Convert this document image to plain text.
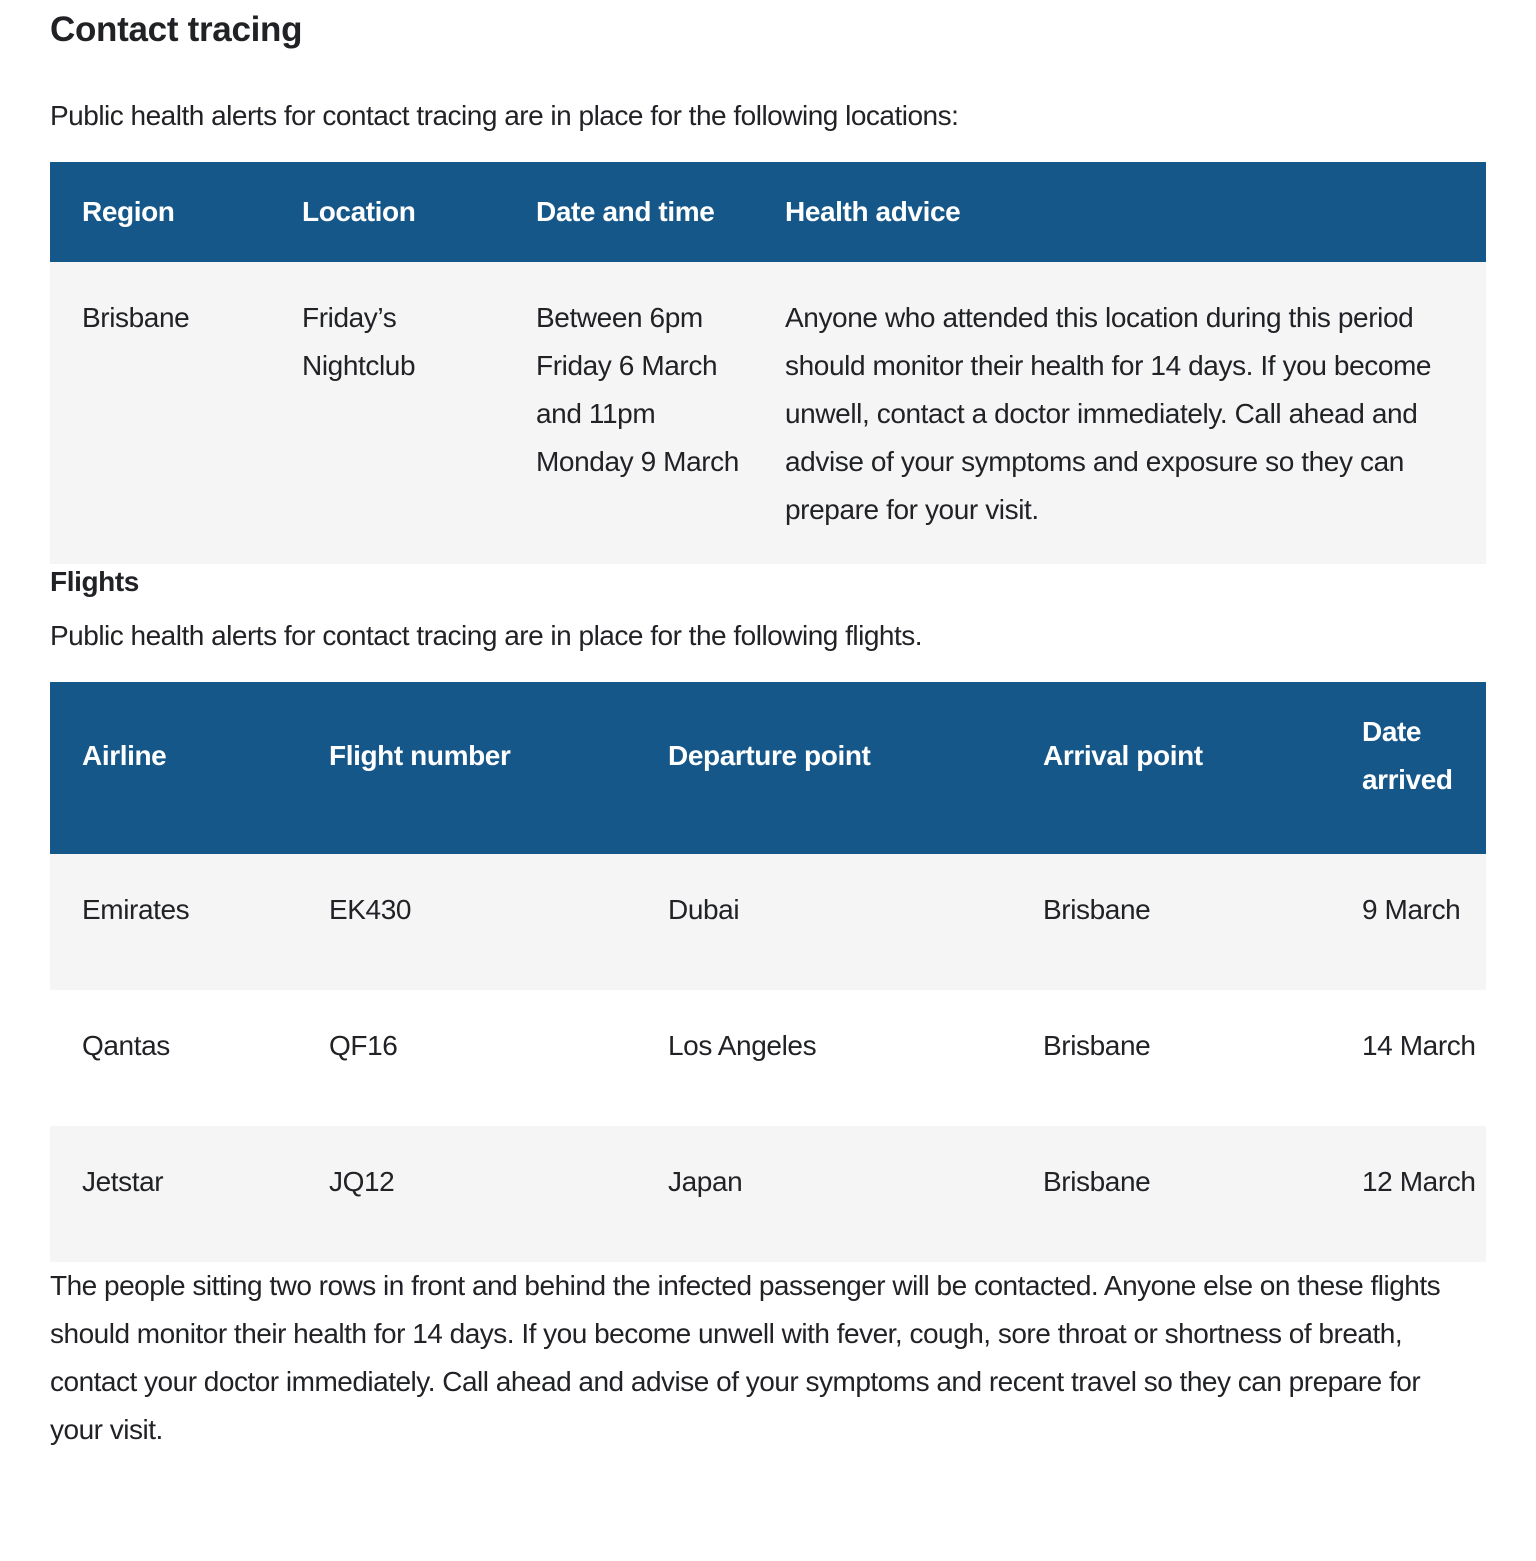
Contact tracing

Public health alerts for contact tracing are in place for the following locations:

Region	Location	Date and time	Health advice
Brisbane	Friday’s Nightclub	Between 6pm Friday 6 March and 11pm Monday 9 March	Anyone who attended this location during this period should monitor their health for 14 days. If you become unwell, contact a doctor immediately. Call ahead and advise of your symptoms and exposure so they can prepare for your visit.
Flights

Public health alerts for contact tracing are in place for the following flights.

Airline	Flight number	Departure point	Arrival point	Date arrived
Emirates	EK430	Dubai	Brisbane	9 March
Qantas	QF16	Los Angeles	Brisbane	14 March
Jetstar	JQ12	Japan	Brisbane	12 March

The people sitting two rows in front and behind the infected passenger will be contacted. Anyone else on these flights should monitor their health for 14 days. If you become unwell with fever, cough, sore throat or shortness of breath, contact your doctor immediately. Call ahead and advise of your symptoms and recent travel so they can prepare for your visit.
